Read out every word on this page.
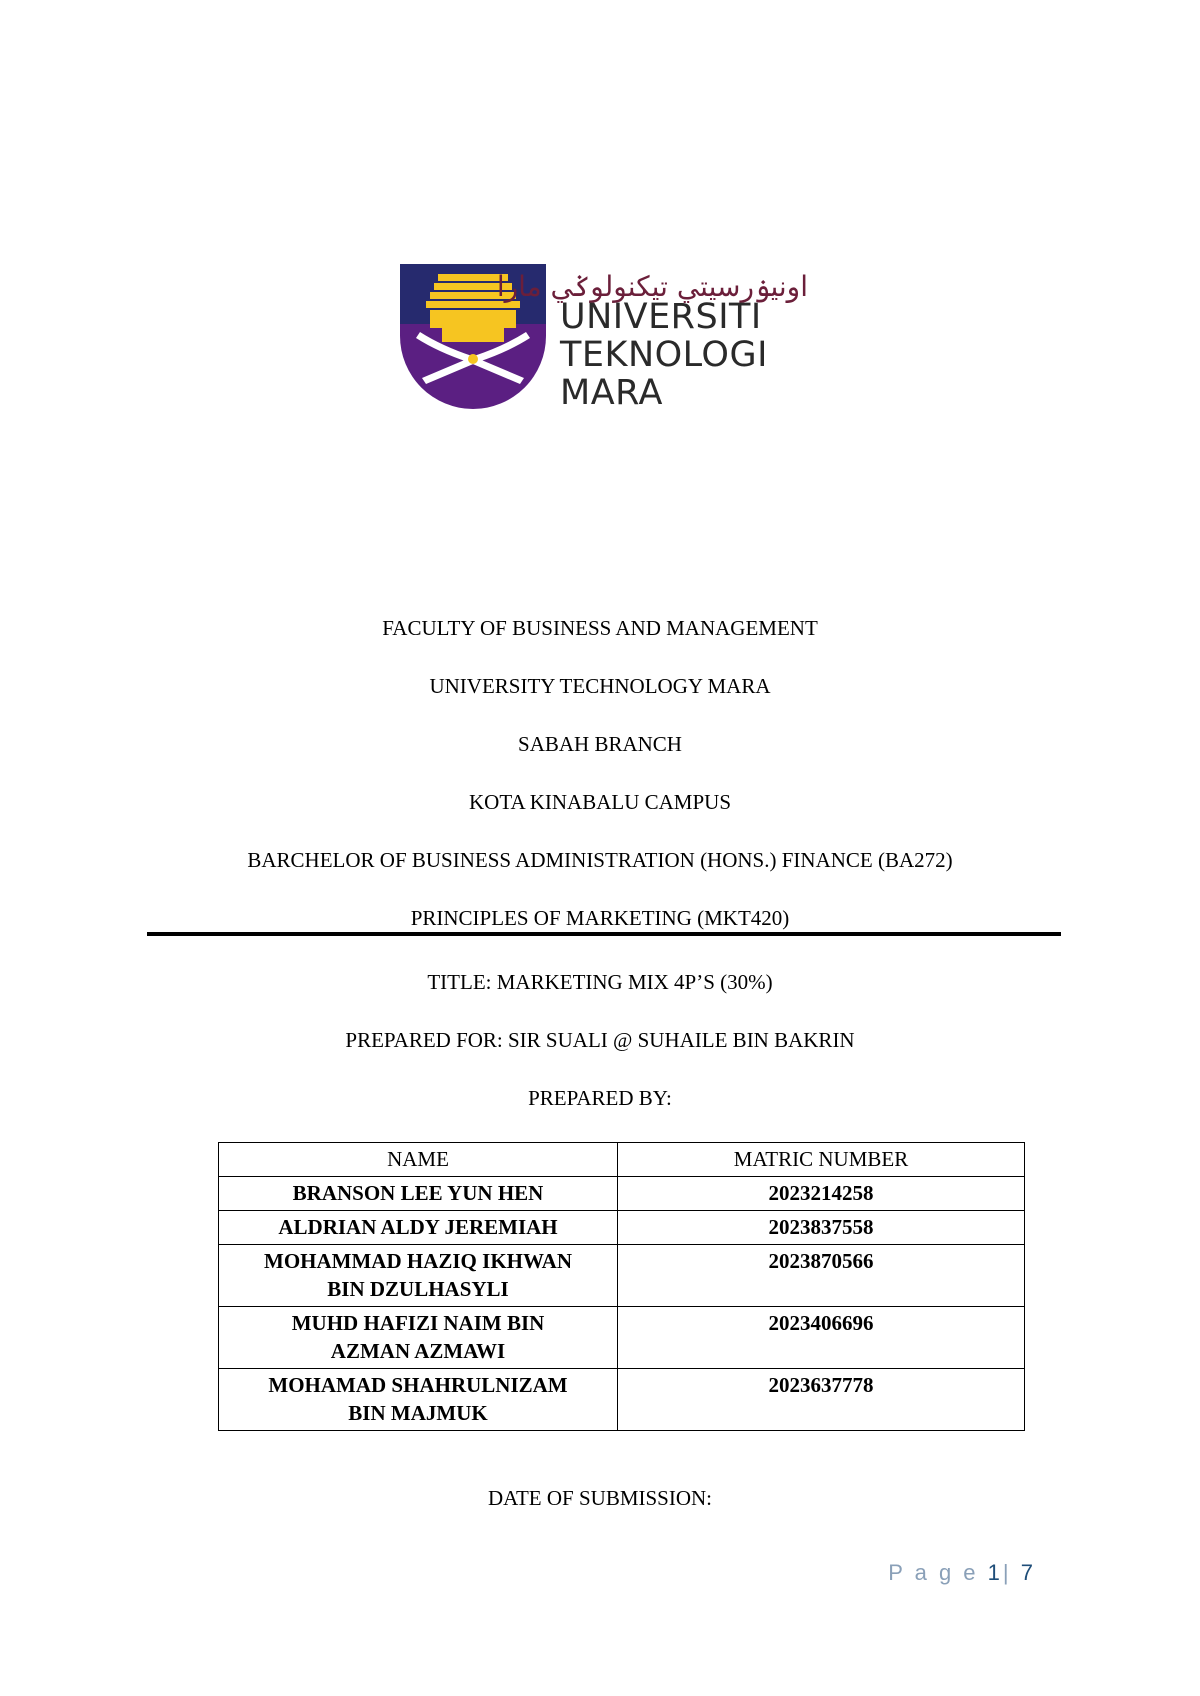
اونيۏرسيتي تيكنولوݢي مارا
UNIVERSITI
TEKNOLOGI
MARA
FACULTY OF BUSINESS AND MANAGEMENT
UNIVERSITY TECHNOLOGY MARA
SABAH BRANCH
KOTA KINABALU CAMPUS
BARCHELOR OF BUSINESS ADMINISTRATION (HONS.) FINANCE (BA272)
PRINCIPLES OF MARKETING (MKT420)
TITLE: MARKETING MIX 4P’S (30%)
PREPARED FOR: SIR SUALI @ SUHAILE BIN BAKRIN
PREPARED BY:
NAME	MATRIC NUMBER
BRANSON LEE YUN HEN	2023214258
ALDRIAN ALDY JEREMIAH	2023837558
MOHAMMAD HAZIQ IKHWAN
BIN DZULHASYLI	2023870566
MUHD HAFIZI NAIM BIN
AZMAN AZMAWI	2023406696
MOHAMAD SHAHRULNIZAM
BIN MAJMUK	2023637778
DATE OF SUBMISSION:
P a g e 1| 7
